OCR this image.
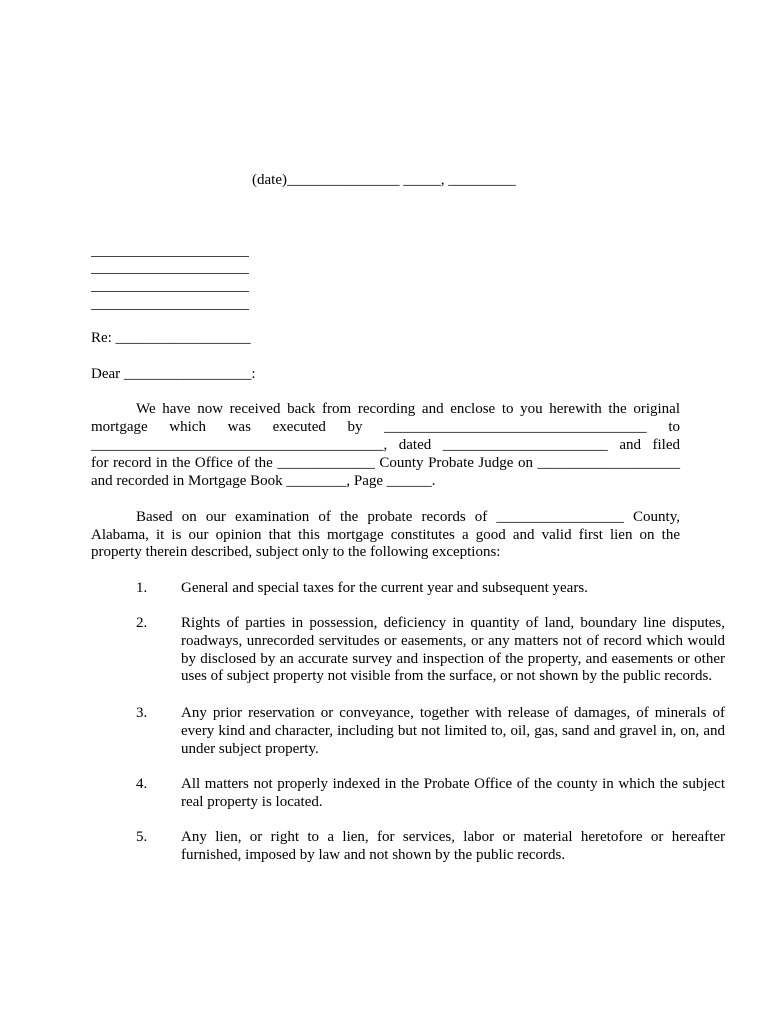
(date)_______________ _____, _________
Re: __________________
Dear _________________:
We have now received back from recording and enclose to you herewith the original
mortgage which was executed by ___________________________________ to
_______________________________________, dated ______________________ and filed
for record in the Office of the _____________ County Probate Judge on ___________________
and recorded in Mortgage Book ________, Page ______.
Based on our examination of the probate records of _________________ County,
Alabama, it is our opinion that this mortgage constitutes a good and valid first lien on the
property therein described, subject only to the following exceptions:
1. General and special taxes for the current year and subsequent years.
2. Rights of parties in possession, deficiency in quantity of land, boundary line disputes,
roadways, unrecorded servitudes or easements, or any matters not of record which would
by disclosed by an accurate survey and inspection of the property, and easements or other
uses of subject property not visible from the surface, or not shown by the public records.
3. Any prior reservation or conveyance, together with release of damages, of minerals of
every kind and character, including but not limited to, oil, gas, sand and gravel in, on, and
under subject property.
4. All matters not properly indexed in the Probate Office of the county in which the subject
real property is located.
5. Any lien, or right to a lien, for services, labor or material heretofore or hereafter
furnished, imposed by law and not shown by the public records.
